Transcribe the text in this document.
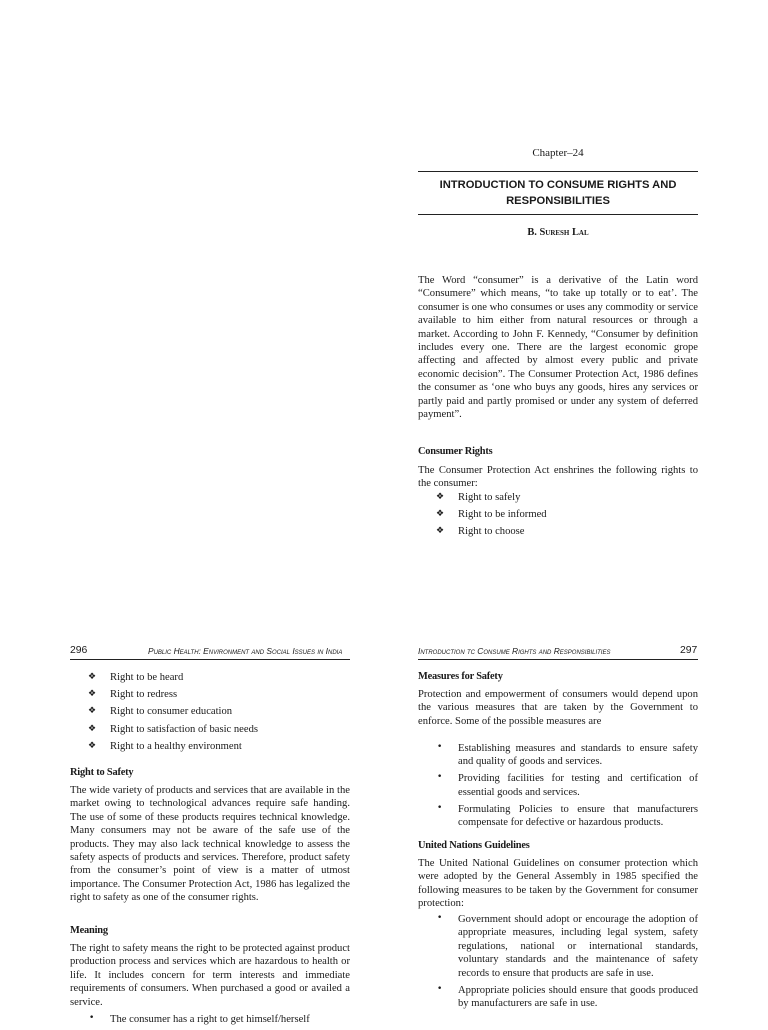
Chapter–24

INTRODUCTION TO CONSUME RIGHTS AND RESPONSIBILITIES

B. Suresh Lal

The Word “consumer” is a derivative of the Latin word “Consumere” which means, “to take up totally or to eat’. The consumer is one who consumes or uses any commodity or service available to him either from natural resources or through a market. According to John F. Kennedy, “Consumer by definition includes every one. There are the largest economic grope affecting and affected by almost every public and private economic decision”. The Consumer Protection Act, 1986 defines the consumer as ‘one who buys any goods, hires any services or partly paid and partly promised or under any system of deferred payment”.

Consumer Rights

The Consumer Protection Act enshrines the following rights to the consumer:

❖ Right to safely
❖ Right to be informed
❖ Right to choose
296	Public Health: Environment and Social Issues in India
❖ Right to be heard
❖ Right to redress
❖ Right to consumer education
❖ Right to satisfaction of basic needs
❖ Right to a healthy environment

Right to Safety

The wide variety of products and services that are available in the market owing to technological advances require safe handing. The use of some of these products requires technical knowledge. Many consumers may not be aware of the safe use of the products. They may also lack technical knowledge to assess the safety aspects of products and services. Therefore, product safety from the consumer’s point of view is a matter of utmost importance. The Consumer Protection Act, 1986 has legalized the right to safety as one of the consumer rights.

Meaning

The right to safety means the right to be protected against product production process and services which are hazardous to health or life. It includes concern for term interests and immediate requirements of consumers. When purchased a good or availed a service.

• The consumer has a right to get himself/herself
Introduction tc Consume Rights and Responsibilities	297

Measures for Safety

Protection and empowerment of consumers would depend upon the various measures that are taken by the Government to enforce. Some of the possible measures are

• Establishing measures and standards to ensure safety and quality of goods and services.
• Providing facilities for testing and certification of essential goods and services.
• Formulating Policies to ensure that manufacturers compensate for defective or hazardous products.

United Nations Guidelines

The United National Guidelines on consumer protection which were adopted by the General Assembly in 1985 specified the following measures to be taken by the Government for consumer protection:

• Government should adopt or encourage the adoption of appropriate measures, including legal system, safety regulations, national or international standards, voluntary standards and the maintenance of safety records to ensure that products are safe in use.
• Appropriate policies should ensure that goods produced by manufacturers are safe in use.
